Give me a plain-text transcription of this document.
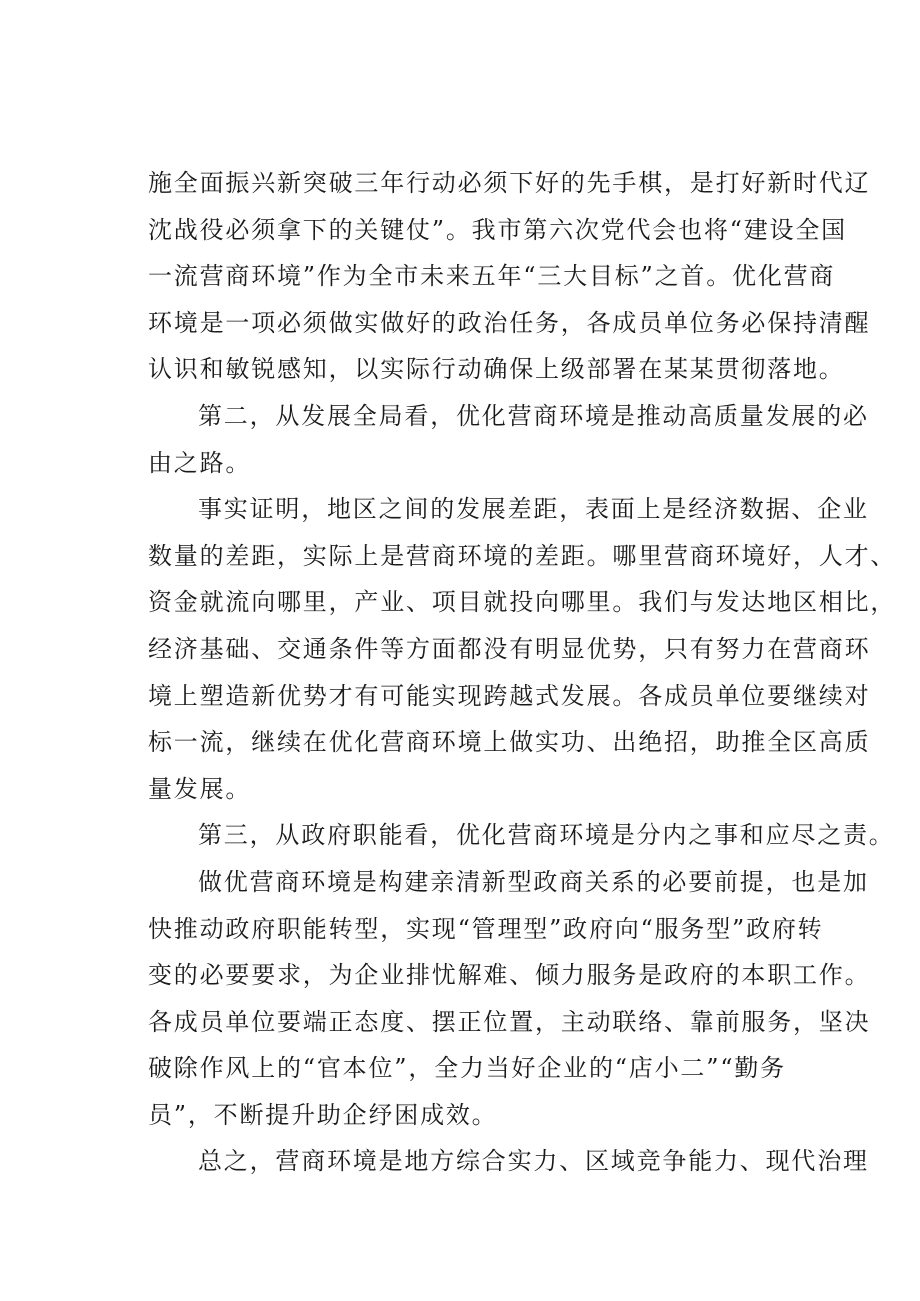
施全面振兴新突破三年行动必须下好的先手棋，是打好新时代辽
沈战役必须拿下的关键仗”。我市第六次党代会也将“建设全国
一流营商环境”作为全市未来五年“三大目标”之首。优化营商
环境是一项必须做实做好的政治任务，各成员单位务必保持清醒
认识和敏锐感知，以实际行动确保上级部署在某某贯彻落地。
第二，从发展全局看，优化营商环境是推动高质量发展的必
由之路。
事实证明，地区之间的发展差距，表面上是经济数据、企业
数量的差距，实际上是营商环境的差距。哪里营商环境好，人才、
资金就流向哪里，产业、项目就投向哪里。我们与发达地区相比，
经济基础、交通条件等方面都没有明显优势，只有努力在营商环
境上塑造新优势才有可能实现跨越式发展。各成员单位要继续对
标一流，继续在优化营商环境上做实功、出绝招，助推全区高质
量发展。
第三，从政府职能看，优化营商环境是分内之事和应尽之责。
做优营商环境是构建亲清新型政商关系的必要前提，也是加
快推动政府职能转型，实现“管理型”政府向“服务型”政府转
变的必要要求，为企业排忧解难、倾力服务是政府的本职工作。
各成员单位要端正态度、摆正位置，主动联络、靠前服务，坚决
破除作风上的“官本位”，全力当好企业的“店小二”“勤务
员”，不断提升助企纾困成效。
总之，营商环境是地方综合实力、区域竞争能力、现代治理
